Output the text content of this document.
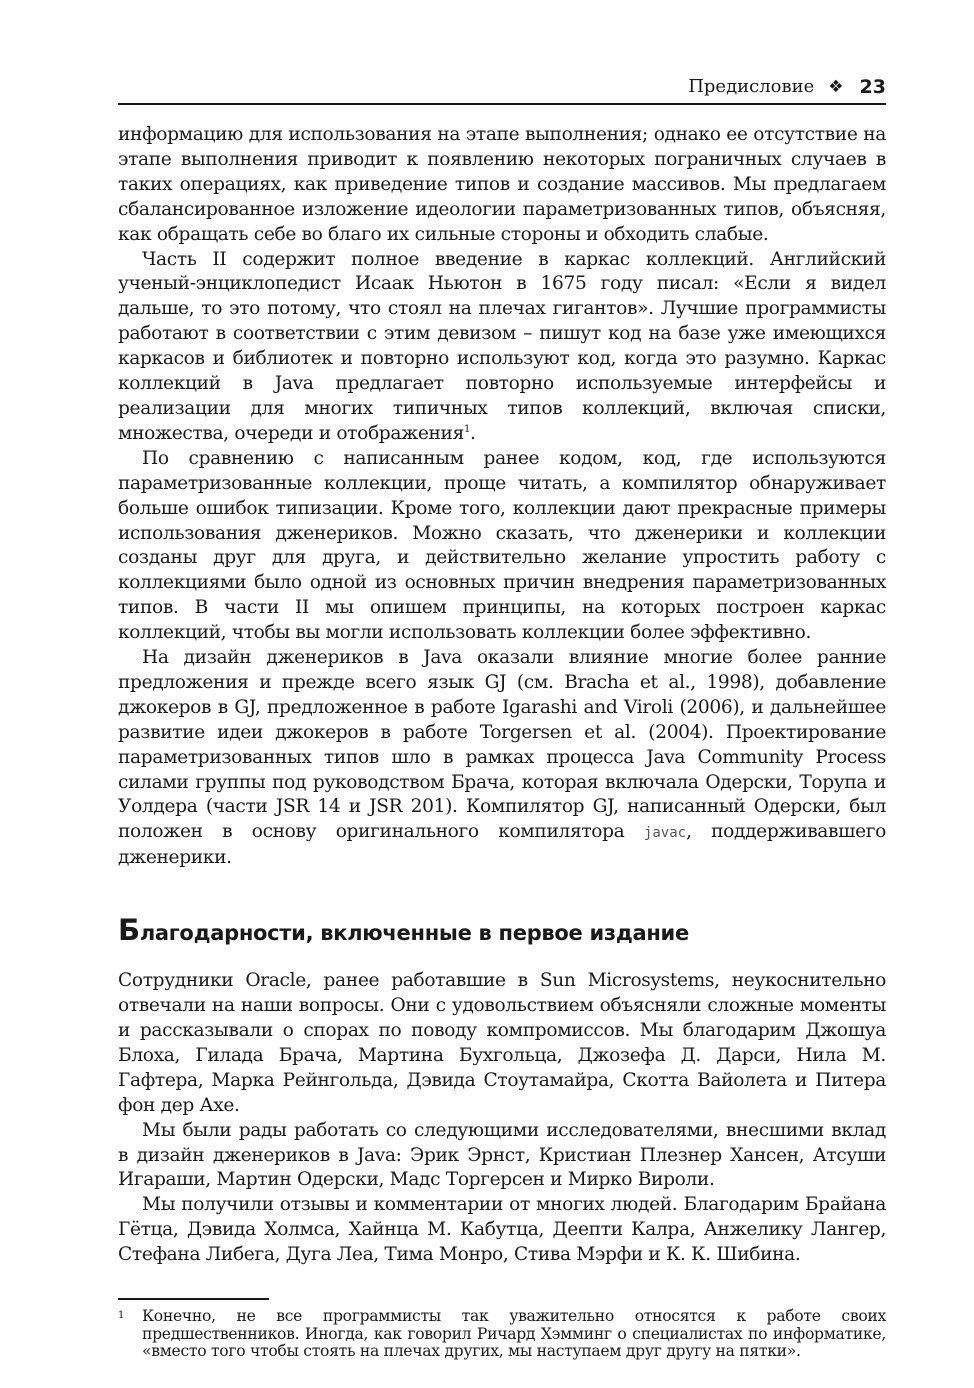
Предисловие ❖ 23

информацию для использования на этапе выполнения; однако ее отсутствие на этапе выполнения приводит к появлению некоторых пограничных случаев в таких операциях, как приведение типов и создание массивов. Мы предлагаем сбалансированное изложение идеологии параметризованных типов, объясняя, как обращать себе во благо их сильные стороны и обходить слабые.

Часть II содержит полное введение в каркас коллекций. Английский ученый-энциклопедист Исаак Ньютон в 1675 году писал: «Если я видел дальше, то это потому, что стоял на плечах гигантов». Лучшие программисты работают в соответствии с этим девизом – пишут код на базе уже имеющихся каркасов и библиотек и повторно используют код, когда это разумно. Каркас коллекций в Java предлагает повторно используемые интерфейсы и реализации для многих типичных типов коллекций, включая списки, множества, очереди и отображения$^1$.

По сравнению с написанным ранее кодом, код, где используются параметризованные коллекции, проще читать, а компилятор обнаруживает больше ошибок типизации. Кроме того, коллекции дают прекрасные примеры использования дженериков. Можно сказать, что дженерики и коллекции созданы друг для друга, и действительно желание упростить работу с коллекциями было одной из основных причин внедрения параметризованных типов. В части II мы опишем принципы, на которых построен каркас коллекций, чтобы вы могли использовать коллекции более эффективно.

На дизайн дженериков в Java оказали влияние многие более ранние предложения и прежде всего язык GJ (см. Bracha et al., 1998), добавление джокеров в GJ, предложенное в работе Igarashi and Viroli (2006), и дальнейшее развитие идеи джокеров в работе Torgersen et al. (2004). Проектирование параметризованных типов шло в рамках процесса Java Community Process силами группы под руководством Брача, которая включала Одерски, Торупа и Уолдера (части JSR 14 и JSR 201). Компилятор GJ, написанный Одерски, был положен в основу оригинального компилятора javac, поддерживавшего дженерики.

Благодарности, включенные в первое издание

Сотрудники Oracle, ранее работавшие в Sun Microsystems, неукоснительно отвечали на наши вопросы. Они с удовольствием объясняли сложные моменты и рассказывали о спорах по поводу компромиссов. Мы благодарим Джошуа Блоха, Гилада Брача, Мартина Бухгольца, Джозефа Д. Дарси, Нила М. Гафтера, Марка Рейнгольда, Дэвида Стоутамайра, Скотта Вайолета и Питера фон дер Ахе.

Мы были рады работать со следующими исследователями, внесшими вклад в дизайн дженериков в Java: Эрик Эрнст, Кристиан Плезнер Хансен, Атсуши Игараши, Мартин Одерски, Мадс Торгерсен и Мирко Вироли.

Мы получили отзывы и комментарии от многих людей. Благодарим Брайана Гётца, Дэвида Холмса, Хайнца М. Кабутца, Деепти Калра, Анжелику Лангер, Стефана Либега, Дуга Леа, Тима Монро, Стива Мэрфи и К. К. Шибина.

1	Конечно, не все программисты так уважительно относятся к работе своих предшественников. Иногда, как говорил Ричард Хэмминг о специалистах по информатике, «вместо того чтобы стоять на плечах других, мы наступаем друг другу на пятки».
